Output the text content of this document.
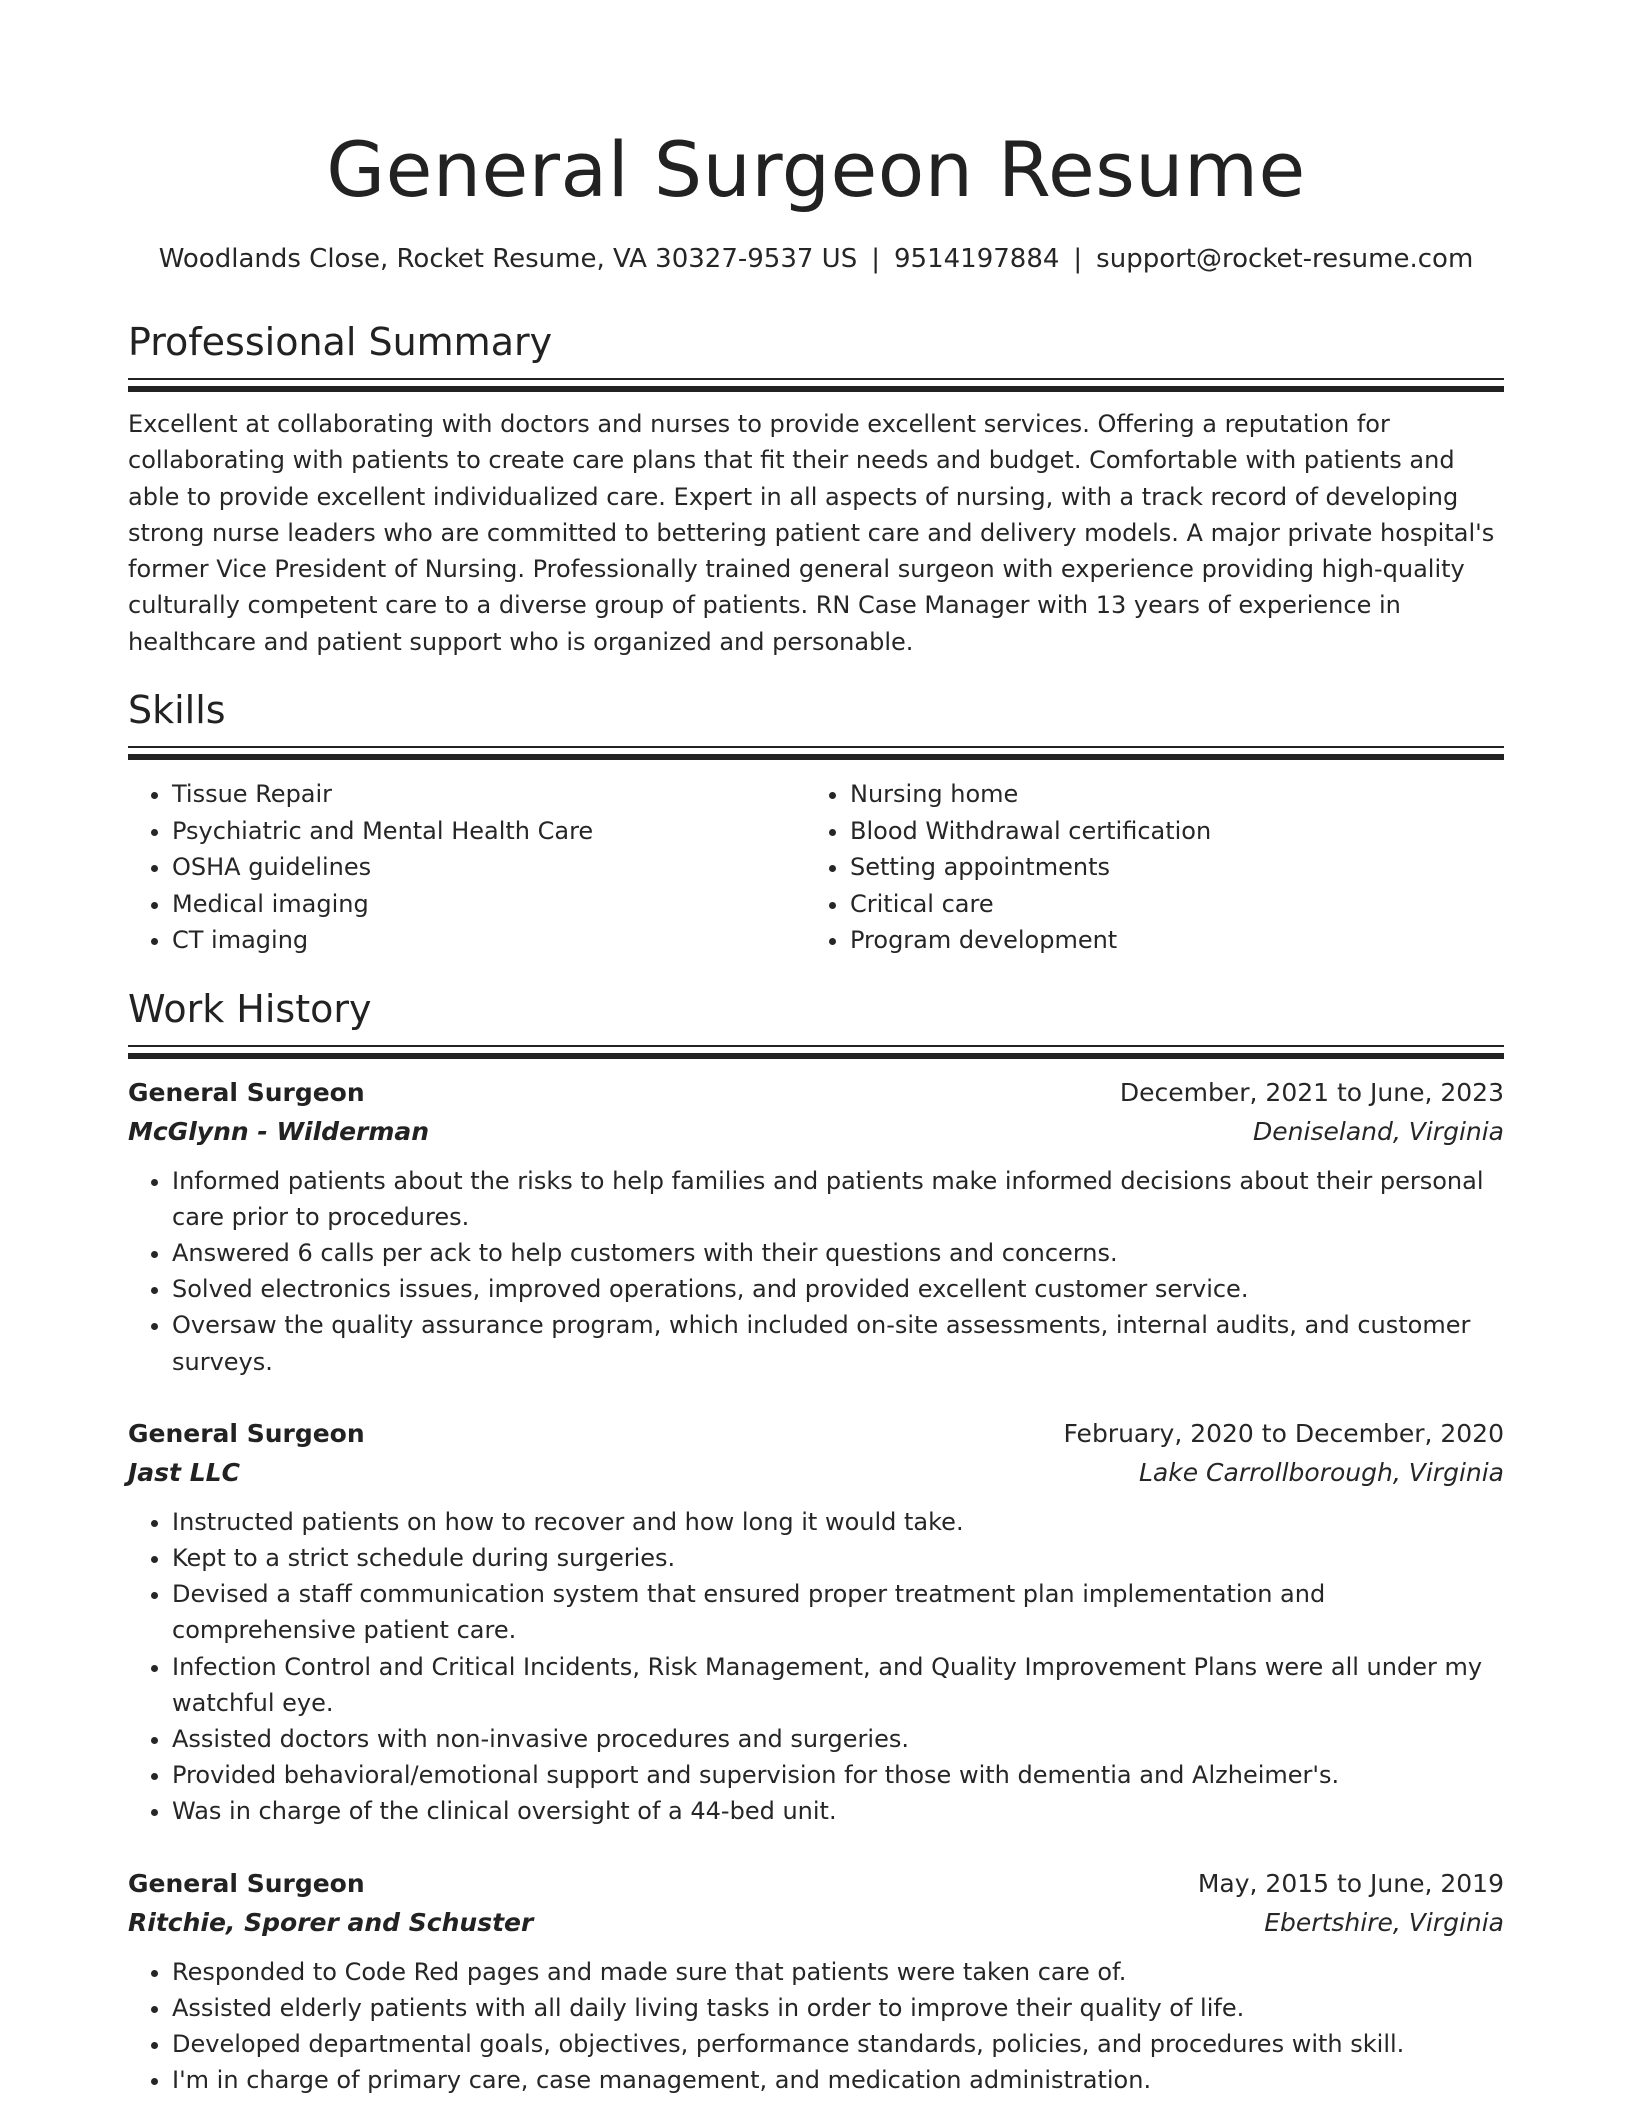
General Surgeon Resume
Woodlands Close, Rocket Resume, VA 30327-9537 US | 9514197884 | support@rocket-resume.com
Professional Summary

Excellent at collaborating with doctors and nurses to provide excellent services. Offering a reputation for collaborating with patients to create care plans that fit their needs and budget. Comfortable with patients and able to provide excellent individualized care. Expert in all aspects of nursing, with a track record of developing strong nurse leaders who are committed to bettering patient care and delivery models. A major private hospital's former Vice President of Nursing. Professionally trained general surgeon with experience providing high-quality culturally competent care to a diverse group of patients. RN Case Manager with 13 years of experience in healthcare and patient support who is organized and personable.

Skills
• Tissue Repair
• Psychiatric and Mental Health Care
• OSHA guidelines
• Medical imaging
• CT imaging
• Nursing home
• Blood Withdrawal certification
• Setting appointments
• Critical care
• Program development
Work History
General Surgeon	December, 2021 to June, 2023
McGlynn - Wilderman	Deniseland, Virginia
• Informed patients about the risks to help families and patients make informed decisions about their personal care prior to procedures.
• Answered 6 calls per ack to help customers with their questions and concerns.
• Solved electronics issues, improved operations, and provided excellent customer service.
• Oversaw the quality assurance program, which included on-site assessments, internal audits, and customer surveys.
General Surgeon	February, 2020 to December, 2020
Jast LLC	Lake Carrollborough, Virginia
• Instructed patients on how to recover and how long it would take.
• Kept to a strict schedule during surgeries.
• Devised a staff communication system that ensured proper treatment plan implementation and comprehensive patient care.
• Infection Control and Critical Incidents, Risk Management, and Quality Improvement Plans were all under my watchful eye.
• Assisted doctors with non-invasive procedures and surgeries.
• Provided behavioral/emotional support and supervision for those with dementia and Alzheimer's.
• Was in charge of the clinical oversight of a 44-bed unit.
General Surgeon	May, 2015 to June, 2019
Ritchie, Sporer and Schuster	Ebertshire, Virginia
• Responded to Code Red pages and made sure that patients were taken care of.
• Assisted elderly patients with all daily living tasks in order to improve their quality of life.
• Developed departmental goals, objectives, performance standards, policies, and procedures with skill.
• I'm in charge of primary care, case management, and medication administration.
